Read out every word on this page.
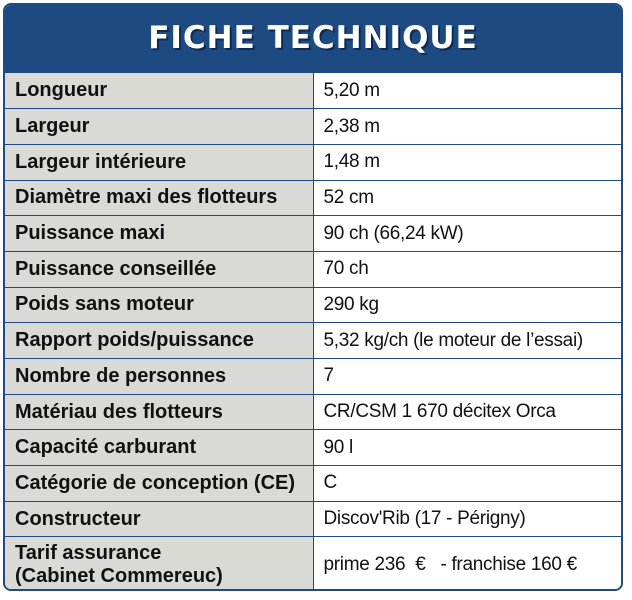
FICHE TECHNIQUE
Longueur	5,20 m
Largeur	2,38 m
Largeur intérieure	1,48 m
Diamètre maxi des flotteurs	52 cm
Puissance maxi	90 ch (66,24 kW)
Puissance conseillée	70 ch
Poids sans moteur	290 kg
Rapport poids/puissance	5,32 kg/ch (le moteur de l’essai)
Nombre de personnes	7
Matériau des flotteurs	CR/CSM 1 670 décitex Orca
Capacité carburant	90 l
Catégorie de conception (CE)	C
Constructeur	Discov'Rib (17 - Périgny)

Tarif assurance
(Cabinet Commereuc)	prime 236  €   - franchise 160 €
